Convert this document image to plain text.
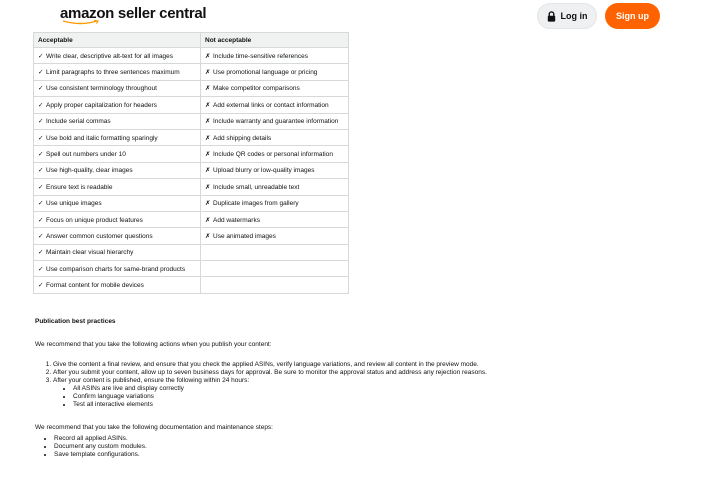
amazon seller central	Log in	Sign up
Acceptable	Not acceptable
✓ Write clear, descriptive alt-text for all images	✗ Include time-sensitive references
✓ Limit paragraphs to three sentences maximum	✗ Use promotional language or pricing
✓ Use consistent terminology throughout	✗ Make competitor comparisons
✓ Apply proper capitalization for headers	✗ Add external links or contact information
✓ Include serial commas	✗ Include warranty and guarantee information
✓ Use bold and italic formatting sparingly	✗ Add shipping details
✓ Spell out numbers under 10	✗ Include QR codes or personal information
✓ Use high-quality, clear images	✗ Upload blurry or low-quality images
✓ Ensure text is readable	✗ Include small, unreadable text
✓ Use unique images	✗ Duplicate images from gallery
✓ Focus on unique product features	✗ Add watermarks
✓ Answer common customer questions	✗ Use animated images
✓ Maintain clear visual hierarchy	
✓ Use comparison charts for same-brand products	
✓ Format content for mobile devices	
Publication best practices
We recommend that you take the following actions when you publish your content:
1. Give the content a final review, and ensure that you check the applied ASINs, verify language variations, and review all content in the preview mode.
2. After you submit your content, allow up to seven business days for approval. Be sure to monitor the approval status and address any rejection reasons.
3. After your content is published, ensure the following within 24 hours:
• All ASINs are live and display correctly
• Confirm language variations
• Test all interactive elements
We recommend that you take the following documentation and maintenance steps:
• Record all applied ASINs.
• Document any custom modules.
• Save template configurations.
